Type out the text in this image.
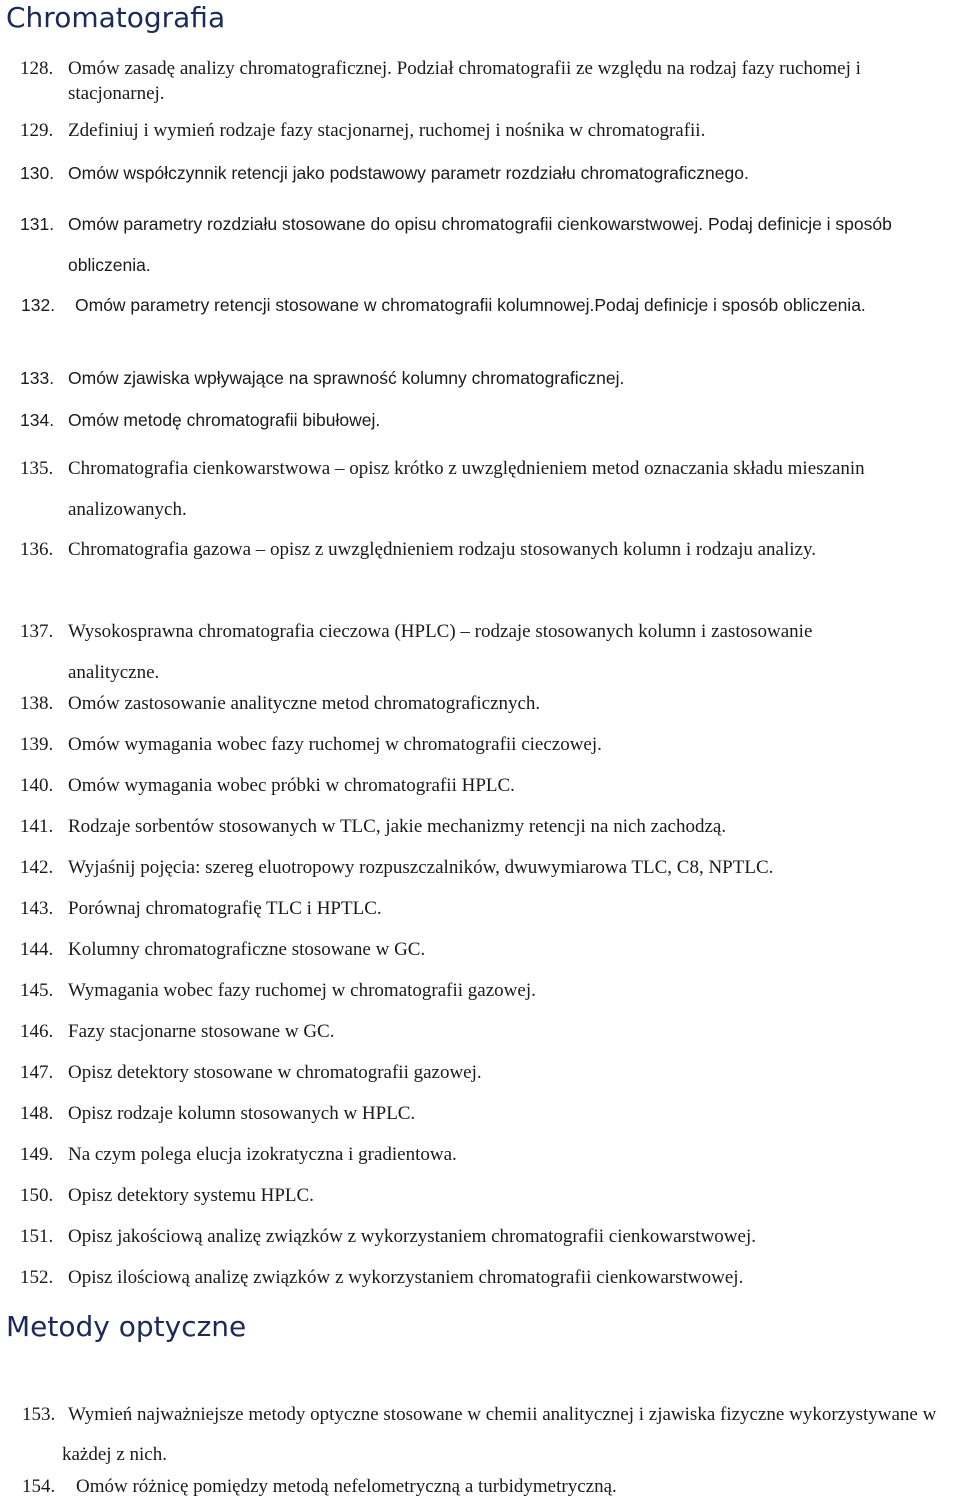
Chromatografia
128. Omów zasadę analizy chromatograficznej. Podział chromatografii ze względu na rodzaj fazy ruchomej i stacjonarnej.
129. Zdefiniuj i wymień rodzaje fazy stacjonarnej, ruchomej i nośnika w chromatografii.
130. Omów współczynnik retencji jako podstawowy parametr rozdziału chromatograficznego.
131. Omów parametry rozdziału stosowane do opisu chromatografii cienkowarstwowej. Podaj definicje i sposób obliczenia.
132. Omów parametry retencji stosowane w chromatografii kolumnowej.Podaj definicje i sposób obliczenia.
133. Omów zjawiska wpływające na sprawność kolumny chromatograficznej.
134. Omów metodę chromatografii bibułowej.
135. Chromatografia cienkowarstwowa – opisz krótko z uwzględnieniem metod oznaczania składu mieszanin analizowanych.
136. Chromatografia gazowa – opisz z uwzględnieniem rodzaju stosowanych kolumn i rodzaju analizy.
137. Wysokosprawna chromatografia cieczowa (HPLC) – rodzaje stosowanych kolumn i zastosowanie analityczne.
138. Omów zastosowanie analityczne metod chromatograficznych.
139. Omów wymagania wobec fazy ruchomej w chromatografii cieczowej.
140. Omów wymagania wobec próbki w chromatografii HPLC.
141. Rodzaje sorbentów stosowanych w TLC, jakie mechanizmy retencji na nich zachodzą.
142. Wyjaśnij pojęcia: szereg eluotropowy rozpuszczalników, dwuwymiarowa TLC, C8, NPTLC.
143. Porównaj chromatografię TLC i HPTLC.
144. Kolumny chromatograficzne stosowane w GC.
145. Wymagania wobec fazy ruchomej w chromatografii gazowej.
146. Fazy stacjonarne stosowane w GC.
147. Opisz detektory stosowane w chromatografii gazowej.
148. Opisz rodzaje kolumn stosowanych w HPLC.
149. Na czym polega elucja izokratyczna i gradientowa.
150. Opisz detektory systemu HPLC.
151. Opisz jakościową analizę związków z wykorzystaniem chromatografii cienkowarstwowej.
152. Opisz ilościową analizę związków z wykorzystaniem chromatografii cienkowarstwowej.
Metody optyczne
153. Wymień najważniejsze metody optyczne stosowane w chemii analitycznej i zjawiska fizyczne wykorzystywane w każdej z nich.
154. Omów różnicę pomiędzy metodą nefelometryczną a turbidymetryczną.
